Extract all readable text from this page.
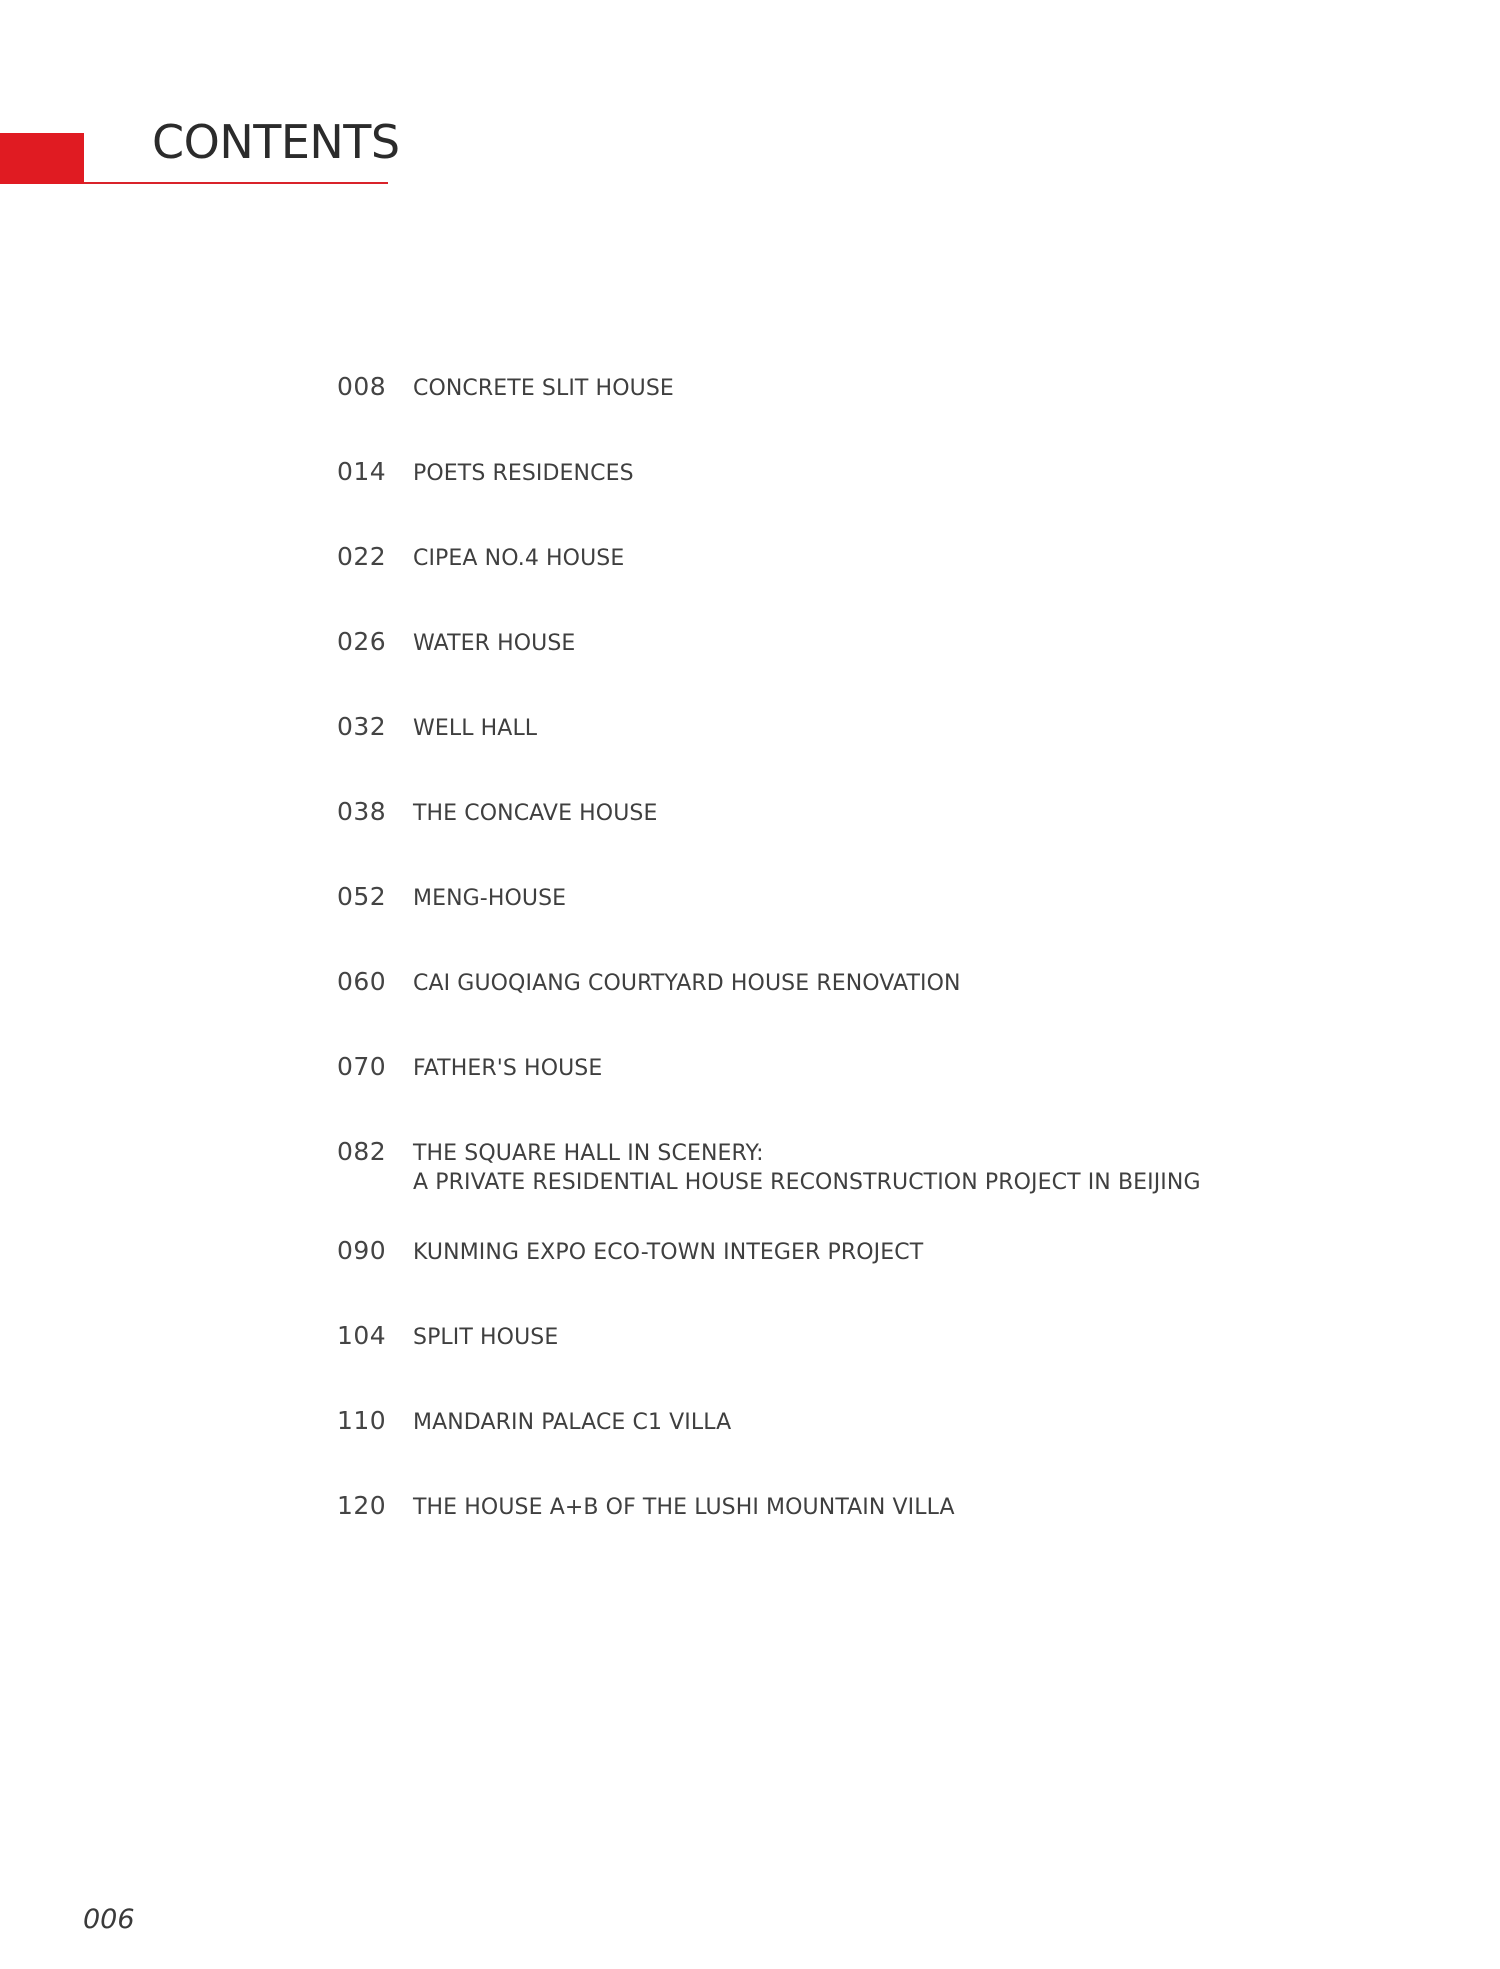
CONTENTS
008 CONCRETE SLIT HOUSE
014 POETS RESIDENCES
022 CIPEA NO.4 HOUSE
026 WATER HOUSE
032 WELL HALL
038 THE CONCAVE HOUSE
052 MENG-HOUSE
060 CAI GUOQIANG COURTYARD HOUSE RENOVATION
070 FATHER'S HOUSE
082 THE SQUARE HALL IN SCENERY:
A PRIVATE RESIDENTIAL HOUSE RECONSTRUCTION PROJECT IN BEIJING
090 KUNMING EXPO ECO-TOWN INTEGER PROJECT
104 SPLIT HOUSE
110 MANDARIN PALACE C1 VILLA
120 THE HOUSE A+B OF THE LUSHI MOUNTAIN VILLA
006
